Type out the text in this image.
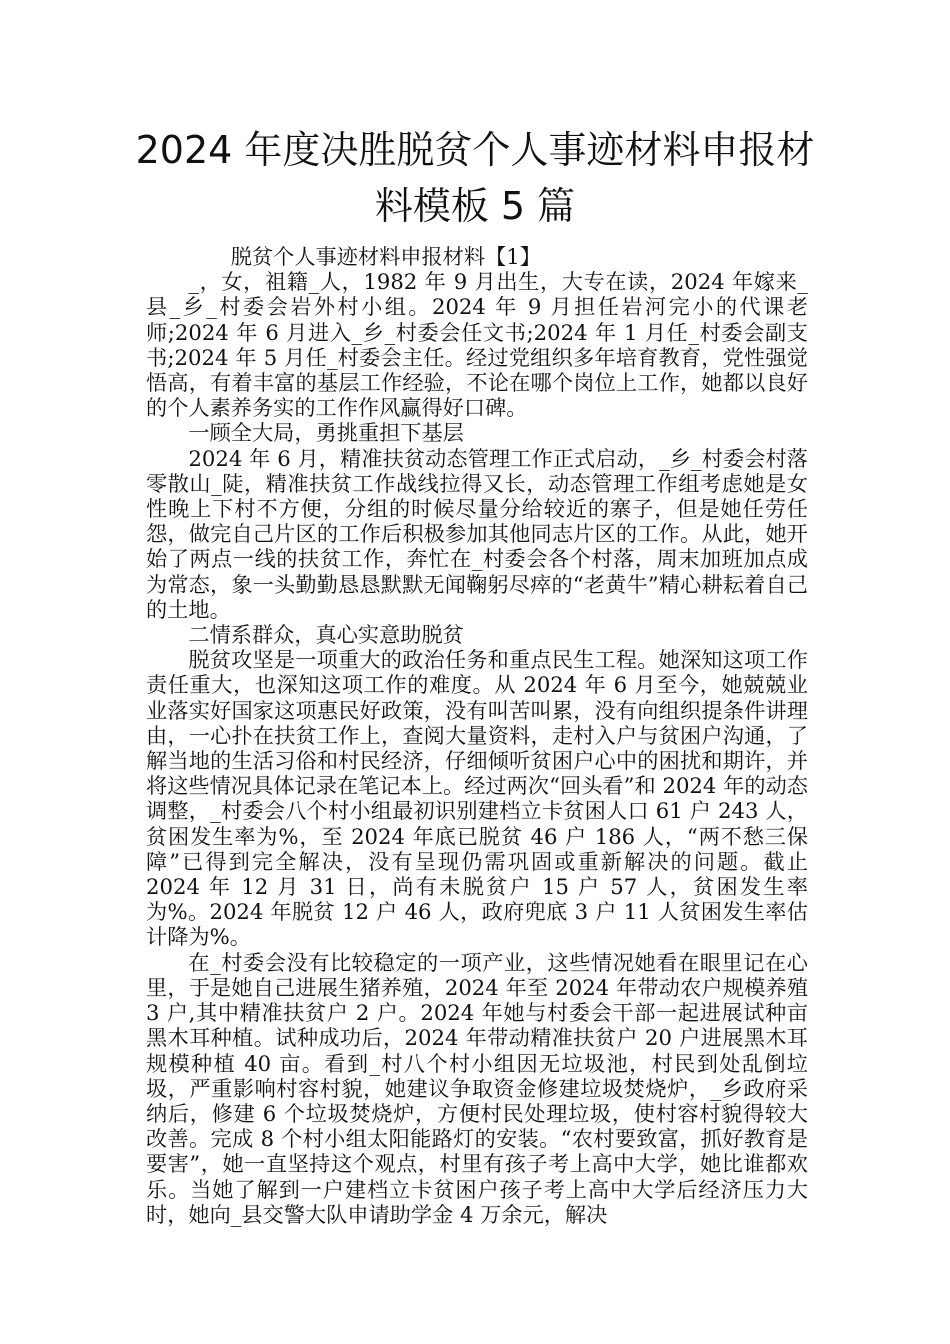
2024 年度决胜脱贫个人事迹材料申报材料模板 5 篇

脱贫个人事迹材料申报材料【1】

_，女，祖籍_人，1982 年 9 月出生，大专在读，2024 年嫁来_县_乡_村委会岩外村小组。2024 年 9 月担任岩河完小的代课老师;2024 年 6 月进入_乡_村委会任文书;2024 年 1 月任_村委会副支书;2024 年 5 月任_村委会主任。经过党组织多年培育教育，党性强觉悟高，有着丰富的基层工作经验，不论在哪个岗位上工作，她都以良好的个人素养务实的工作作风赢得好口碑。

一顾全大局，勇挑重担下基层

2024 年 6 月，精准扶贫动态管理工作正式启动，_乡_村委会村落零散山_陡，精准扶贫工作战线拉得又长，动态管理工作组考虑她是女性晚上下村不方便，分组的时候尽量分给较近的寨子，但是她任劳任怨，做完自己片区的工作后积极参加其他同志片区的工作。从此，她开始了两点一线的扶贫工作，奔忙在_村委会各个村落，周末加班加点成为常态，象一头勤勤恳恳默默无闻鞠躬尽瘁的“老黄牛”精心耕耘着自己的土地。

二情系群众，真心实意助脱贫

脱贫攻坚是一项重大的政治任务和重点民生工程。她深知这项工作责任重大，也深知这项工作的难度。从 2024 年 6 月至今，她兢兢业业落实好国家这项惠民好政策，没有叫苦叫累，没有向组织提条件讲理由，一心扑在扶贫工作上，查阅大量资料，走村入户与贫困户沟通，了解当地的生活习俗和村民经济，仔细倾听贫困户心中的困扰和期许，并将这些情况具体记录在笔记本上。经过两次“回头看”和 2024 年的动态调整，_村委会八个村小组最初识别建档立卡贫困人口 61 户 243 人，贫困发生率为%，至 2024 年底已脱贫 46 户 186 人，“两不愁三保障”已得到完全解决，没有呈现仍需巩固或重新解决的问题。截止 2024 年 12 月 31 日，尚有未脱贫户 15 户 57 人，贫困发生率为%。2024 年脱贫 12 户 46 人，政府兜底 3 户 11 人贫困发生率估计降为%。

在_村委会没有比较稳定的一项产业，这些情况她看在眼里记在心里，于是她自己进展生猪养殖，2024 年至 2024 年带动农户规模养殖 3 户,其中精准扶贫户 2 户。2024 年她与村委会干部一起进展试种亩黑木耳种植。试种成功后，2024 年带动精准扶贫户 20 户进展黑木耳规模种植 40 亩。看到_村八个村小组因无垃圾池，村民到处乱倒垃圾，严重影响村容村貌，她建议争取资金修建垃圾焚烧炉，_乡政府采纳后，修建 6 个垃圾焚烧炉，方便村民处理垃圾，使村容村貌得较大改善。完成 8 个村小组太阳能路灯的安装。“农村要致富，抓好教育是要害”，她一直坚持这个观点，村里有孩子考上高中大学，她比谁都欢乐。当她了解到一户建档立卡贫困户孩子考上高中大学后经济压力大时，她向_县交警大队申请助学金 4 万余元，解决
